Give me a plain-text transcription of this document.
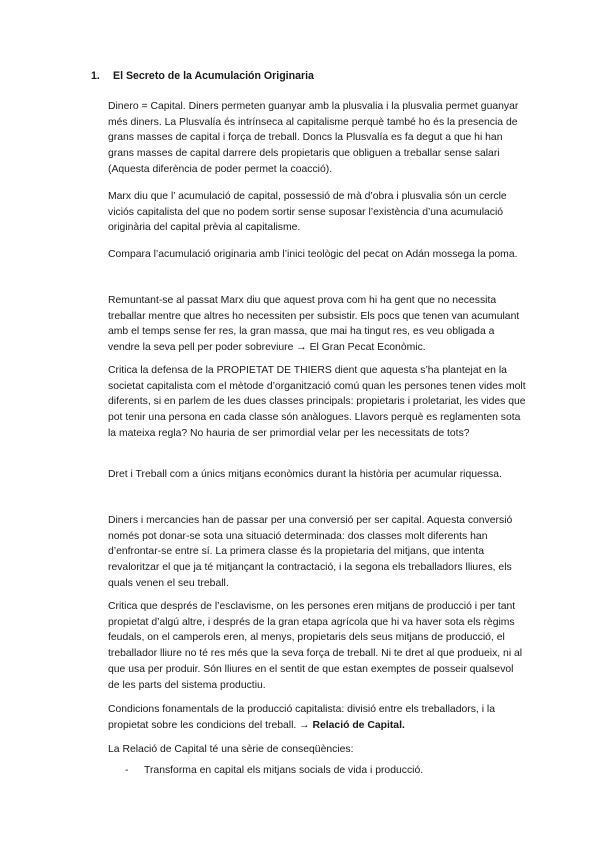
1.	El Secreto de la Acumulación Originaria

Dinero = Capital. Diners permeten guanyar amb la plusvalia i la plusvalia permet guanyar més diners. La Plusvalía és intrínseca al capitalisme perquè també ho és la presencia de grans masses de capital i força de treball. Doncs la Plusvalía es fa degut a que hi han grans masses de capital darrere dels propietaris que obliguen a treballar sense salari (Aquesta diferència de poder permet la coacció).

Marx diu que l’ acumulació de capital, possessió de mà d’obra i plusvalia són un cercle viciós capitalista del que no podem sortir sense suposar l’existència d’una acumulació originària del capital prèvia al capitalisme.

Compara l’acumulació originaria amb l’inici teològic del pecat on Adán mossega la poma.

Remuntant-se al passat Marx diu que aquest prova com hi ha gent que no necessita treballar mentre que altres ho necessiten per subsistir. Els pocs que tenen van acumulant amb el temps sense fer res, la gran massa, que mai ha tingut res, es veu obligada a vendre la seva pell per poder sobreviure → El Gran Pecat Econòmic.

Critica la defensa de la PROPIETAT DE THIERS dient que aquesta s’ha plantejat en la societat capitalista com el mètode d’organització comú quan les persones tenen vides molt diferents, si en parlem de les dues classes principals: propietaris i proletariat, les vides que pot tenir una persona en cada classe són anàlogues. Llavors perquè es reglamenten sota la mateixa regla? No hauria de ser primordial velar per les necessitats de tots?

Dret i Treball com a únics mitjans econòmics durant la història per acumular riquessa.

Diners i mercancies han de passar per una conversió per ser capital. Aquesta conversió només pot donar-se sota una situació determinada: dos classes molt diferents han d’enfrontar-se entre sí. La primera classe és la propietaria del mitjans, que intenta revaloritzar el que ja té mitjançant la contractació, i la segona els treballadors lliures, els quals venen el seu treball.

Critica que després de l’esclavisme, on les persones eren mitjans de producció i per tant propietat d’algú altre, i després de la gran etapa agrícola que hi va haver sota els règims feudals, on el camperols eren, al menys, propietaris dels seus mitjans de producció, el treballador lliure no té res més que la seva força de treball. Ni te dret al que produeix, ni al que usa per produir. Són lliures en el sentit de que estan exemptes de posseir qualsevol de les parts del sistema productiu.

Condicions fonamentals de la producció capitalista: divisió entre els treballadors, i la propietat sobre les condicions del treball. → Relació de Capital.

La Relació de Capital té una sèrie de conseqüències:

-	Transforma en capital els mitjans socials de vida i producció.
